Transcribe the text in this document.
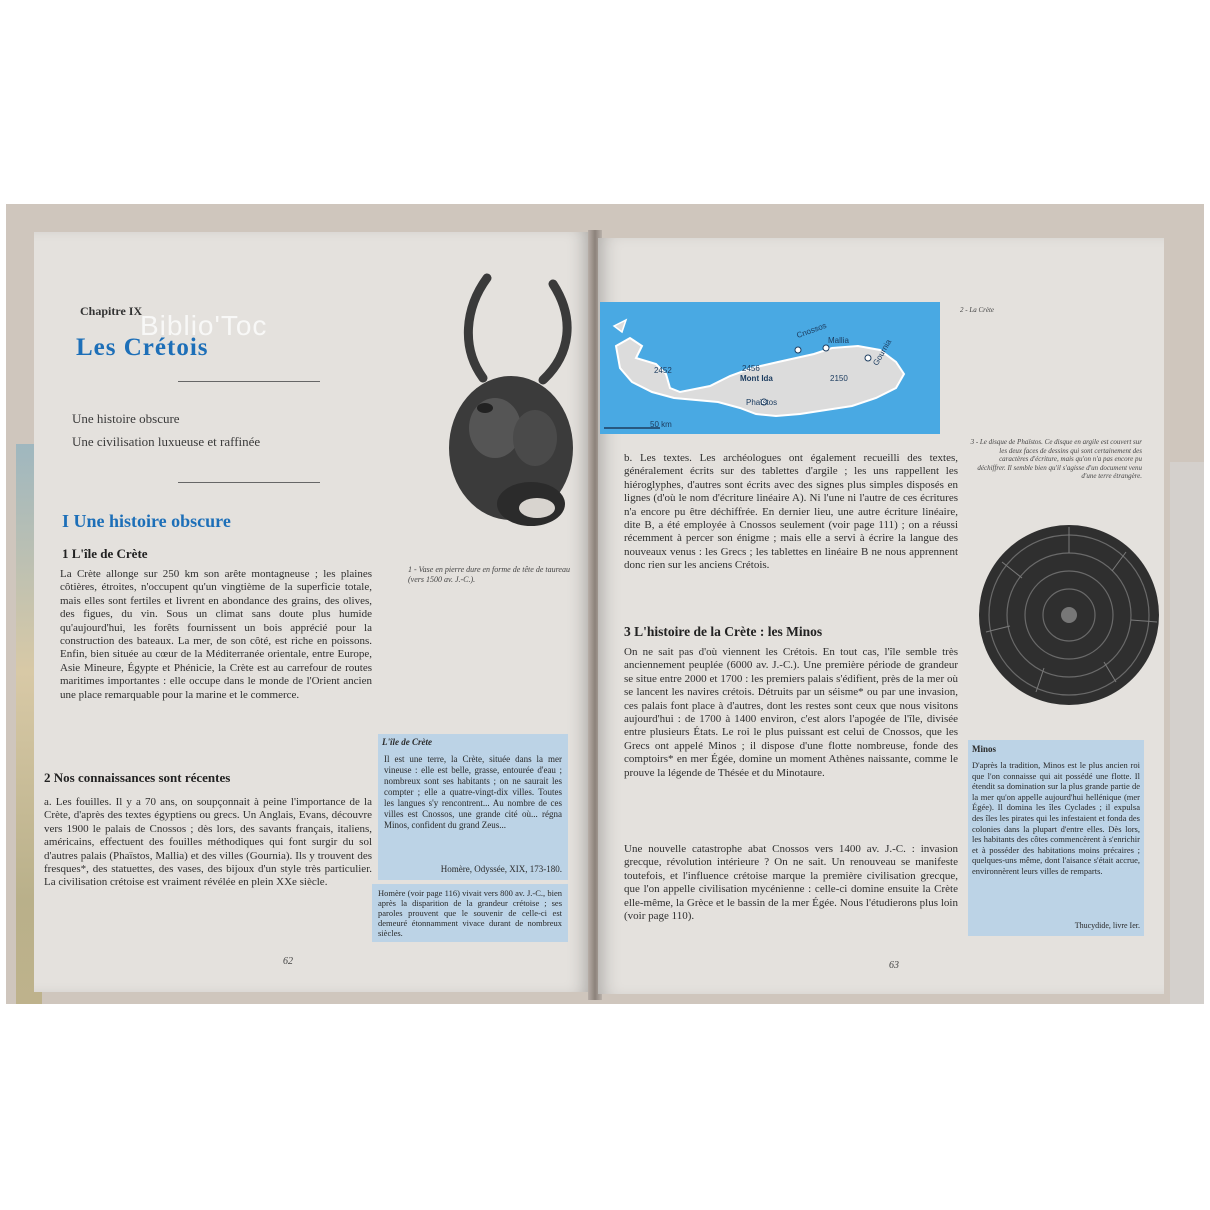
Chapitre IX
Biblio'Toc
Les Crétois
Une histoire obscure
Une civilisation luxueuse et raffinée
I Une histoire obscure
1 L'île de Crète
La Crète allonge sur 250 km son arête montagneuse ; les plaines côtières, étroites, n'occupent qu'un vingtième de la superficie totale, mais elles sont fertiles et livrent en abondance des grains, des olives, des figues, du vin. Sous un climat sans doute plus humide qu'aujourd'hui, les forêts fournissent un bois apprécié pour la construction des bateaux. La mer, de son côté, est riche en poissons. Enfin, bien située au cœur de la Méditerranée orientale, entre Europe, Asie Mineure, Égypte et Phénicie, la Crète est au carrefour de routes maritimes importantes : elle occupe dans le monde de l'Orient ancien une place remarquable pour la marine et le commerce.
2 Nos connaissances sont récentes
a. Les fouilles. Il y a 70 ans, on soupçonnait à peine l'importance de la Crète, d'après des textes égyptiens ou grecs. Un Anglais, Evans, découvre vers 1900 le palais de Cnossos ; dès lors, des savants français, italiens, américains, effectuent des fouilles méthodiques qui font surgir du sol d'autres palais (Phaïstos, Mallia) et des villes (Gournia). Ils y trouvent des fresques*, des statuettes, des vases, des bijoux d'un style très particulier. La civilisation crétoise est vraiment révélée en plein XXe siècle.
1 - Vase en pierre dure en forme de tête de taureau (vers 1500 av. J.-C.).
L'île de Crète
Il est une terre, la Crète, située dans la mer vineuse : elle est belle, grasse, entourée d'eau ; nombreux sont ses habitants ; on ne saurait les compter ; elle a quatre-vingt-dix villes. Toutes les langues s'y rencontrent... Au nombre de ces villes est Cnossos, une grande cité où... régna Minos, confident du grand Zeus...
Homère, Odyssée, XIX, 173-180.
Homère (voir page 116) vivait vers 800 av. J.-C., bien après la disparition de la grandeur crétoise ; ses paroles prouvent que le souvenir de celle-ci est demeuré étonnamment vivace durant de nombreux siècles.
62
Cnossos
Mallia	Gournia
Mont Ida
Phaïstos
2452	2456
2150
50 km
2 - La Crète
b. Les textes. Les archéologues ont également recueilli des textes, généralement écrits sur des tablettes d'argile ; les uns rappellent les hiéroglyphes, d'autres sont écrits avec des signes plus simples disposés en lignes (d'où le nom d'écriture linéaire A). Ni l'une ni l'autre de ces écritures n'a encore pu être déchiffrée. En dernier lieu, une autre écriture linéaire, dite B, a été employée à Cnossos seulement (voir page 111) ; on a réussi récemment à percer son énigme ; mais elle a servi à écrire la langue des nouveaux venus : les Grecs ; les tablettes en linéaire B ne nous apprennent donc rien sur les anciens Crétois.
3 L'histoire de la Crète : les Minos
On ne sait pas d'où viennent les Crétois. En tout cas, l'île semble très anciennement peuplée (6000 av. J.-C.). Une première période de grandeur se situe entre 2000 et 1700 : les premiers palais s'édifient, près de la mer où se lancent les navires crétois. Détruits par un séisme* ou par une invasion, ces palais font place à d'autres, dont les restes sont ceux que nous visitons aujourd'hui : de 1700 à 1400 environ, c'est alors l'apogée de l'île, divisée entre plusieurs États. Le roi le plus puissant est celui de Cnossos, que les Grecs ont appelé Minos ; il dispose d'une flotte nombreuse, fonde des comptoirs* en mer Égée, domine un moment Athènes naissante, comme le prouve la légende de Thésée et du Minotaure.
Une nouvelle catastrophe abat Cnossos vers 1400 av. J.-C. : invasion grecque, révolution intérieure ? On ne sait. Un renouveau se manifeste toutefois, et l'influence crétoise marque la première civilisation grecque, que l'on appelle civilisation mycénienne : celle-ci domine ensuite la Crète elle-même, la Grèce et le bassin de la mer Égée. Nous l'étudierons plus loin (voir page 110).
3 - Le disque de Phaïstos. Ce disque en argile est couvert sur les deux faces de dessins qui sont certainement des caractères d'écriture, mais qu'on n'a pas encore pu déchiffrer. Il semble bien qu'il s'agisse d'un document venu d'une terre étrangère.
Minos
D'après la tradition, Minos est le plus ancien roi que l'on connaisse qui ait possédé une flotte. Il étendit sa domination sur la plus grande partie de la mer qu'on appelle aujourd'hui hellénique (mer Égée). Il domina les îles Cyclades ; il expulsa des îles les pirates qui les infestaient et fonda des colonies dans la plupart d'entre elles. Dès lors, les habitants des côtes commencèrent à s'enrichir et à posséder des habitations moins précaires ; quelques-uns même, dont l'aisance s'était accrue, environnèrent leurs villes de remparts.
Thucydide, livre Ier.
63
